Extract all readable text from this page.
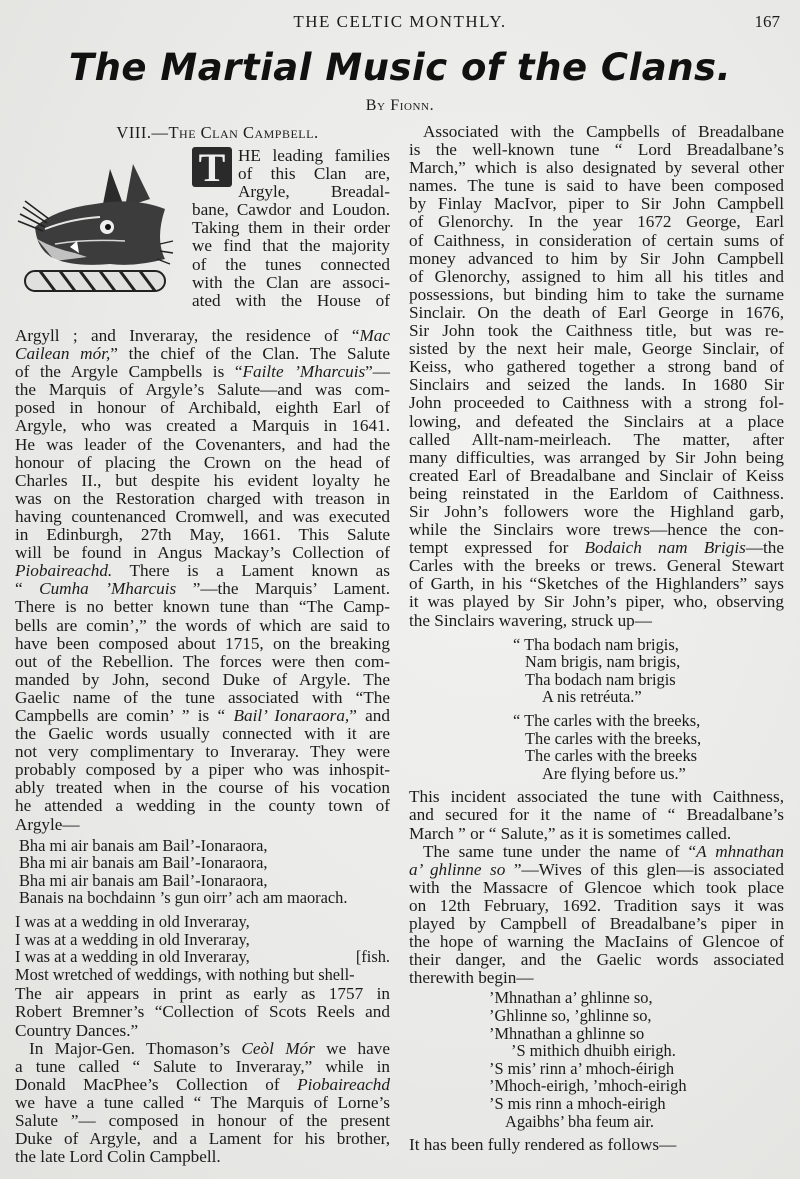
THE CELTIC MONTHLY.	167
The Martial Music of the Clans.
By Fionn.
VIII.—The Clan Campbell.
T HE leading families
of this Clan are,
Argyle, Breadal-
bane, Cawdor and Loudon.
Taking them in their order
we find that the majority
of the tunes connected
with the Clan are associ-
ated with the House of
Argyll ; and Inveraray, the residence of “Mac
Cailean mór,” the chief of the Clan. The Salute
of the Argyle Campbells is “Failte ’Mharcuis”—
the Marquis of Argyle’s Salute—and was com-
posed in honour of Archibald, eighth Earl of
Argyle, who was created a Marquis in 1641.
He was leader of the Covenanters, and had the
honour of placing the Crown on the head of
Charles II., but despite his evident loyalty he
was on the Restoration charged with treason in
having countenanced Cromwell, and was executed
in Edinburgh, 27th May, 1661. This Salute
will be found in Angus Mackay’s Collection of
Piobaireachd. There is a Lament known as
“ Cumha ’Mharcuis ”—the Marquis’ Lament.
There is no better known tune than “The Camp-
bells are comin’,” the words of which are said to
have been composed about 1715, on the breaking
out of the Rebellion. The forces were then com-
manded by John, second Duke of Argyle. The
Gaelic name of the tune associated with “The
Campbells are comin’ ” is “ Bail’ Ionaraora,” and
the Gaelic words usually connected with it are
not very complimentary to Inveraray. They were
probably composed by a piper who was inhospit-
ably treated when in the course of his vocation
he attended a wedding in the county town of
Argyle—
Bha mi air banais am Bail’-Ionaraora,
Bha mi air banais am Bail’-Ionaraora,
Bha mi air banais am Bail’-Ionaraora,
Banais na bochdainn ’s gun oirr’ ach am maorach.
I was at a wedding in old Inveraray,
I was at a wedding in old Inveraray,
I was at a wedding in old Inveraray,	[fish.
Most wretched of weddings, with nothing but shell-
The air appears in print as early as 1757 in
Robert Bremner’s “Collection of Scots Reels and
Country Dances.”
In Major-Gen. Thomason’s Ceòl Mór we have
a tune called “ Salute to Inveraray,” while in
Donald MacPhee’s Collection of Piobaireachd
we have a tune called “ The Marquis of Lorne’s
Salute ”— composed in honour of the present
Duke of Argyle, and a Lament for his brother,
the late Lord Colin Campbell.
Associated with the Campbells of Breadalbane
is the well-known tune “ Lord Breadalbane’s
March,” which is also designated by several other
names. The tune is said to have been composed
by Finlay MacIvor, piper to Sir John Campbell
of Glenorchy. In the year 1672 George, Earl
of Caithness, in consideration of certain sums of
money advanced to him by Sir John Campbell
of Glenorchy, assigned to him all his titles and
possessions, but binding him to take the surname
Sinclair. On the death of Earl George in 1676,
Sir John took the Caithness title, but was re-
sisted by the next heir male, George Sinclair, of
Keiss, who gathered together a strong band of
Sinclairs and seized the lands. In 1680 Sir
John proceeded to Caithness with a strong fol-
lowing, and defeated the Sinclairs at a place
called Allt-nam-meirleach. The matter, after
many difficulties, was arranged by Sir John being
created Earl of Breadalbane and Sinclair of Keiss
being reinstated in the Earldom of Caithness.
Sir John’s followers wore the Highland garb,
while the Sinclairs wore trews—hence the con-
tempt expressed for Bodaich nam Brigis—the
Carles with the breeks or trews. General Stewart
of Garth, in his “Sketches of the Highlanders” says
it was played by Sir John’s piper, who, observing
the Sinclairs wavering, struck up—
“ Tha bodach nam brigis,
Nam brigis, nam brigis,
Tha bodach nam brigis
A nis retréuta.”
“ The carles with the breeks,
The carles with the breeks,
The carles with the breeks
Are flying before us.”
This incident associated the tune with Caithness,
and secured for it the name of “ Breadalbane’s
March ” or “ Salute,” as it is sometimes called.
The same tune under the name of “A mhnathan
a’ ghlinne so ”—Wives of this glen—is associated
with the Massacre of Glencoe which took place
on 12th February, 1692. Tradition says it was
played by Campbell of Breadalbane’s piper in
the hope of warning the MacIains of Glencoe of
their danger, and the Gaelic words associated
therewith begin—
’Mhnathan a’ ghlinne so,
’Ghlinne so, ’ghlinne so,
’Mhnathan a ghlinne so
’S mithich dhuibh eirigh.
’S mis’ rinn a’ mhoch-éirigh
’Mhoch-eirigh, ’mhoch-eirigh
’S mis rinn a mhoch-eirigh
Agaibhs’ bha feum air.
It has been fully rendered as follows—
